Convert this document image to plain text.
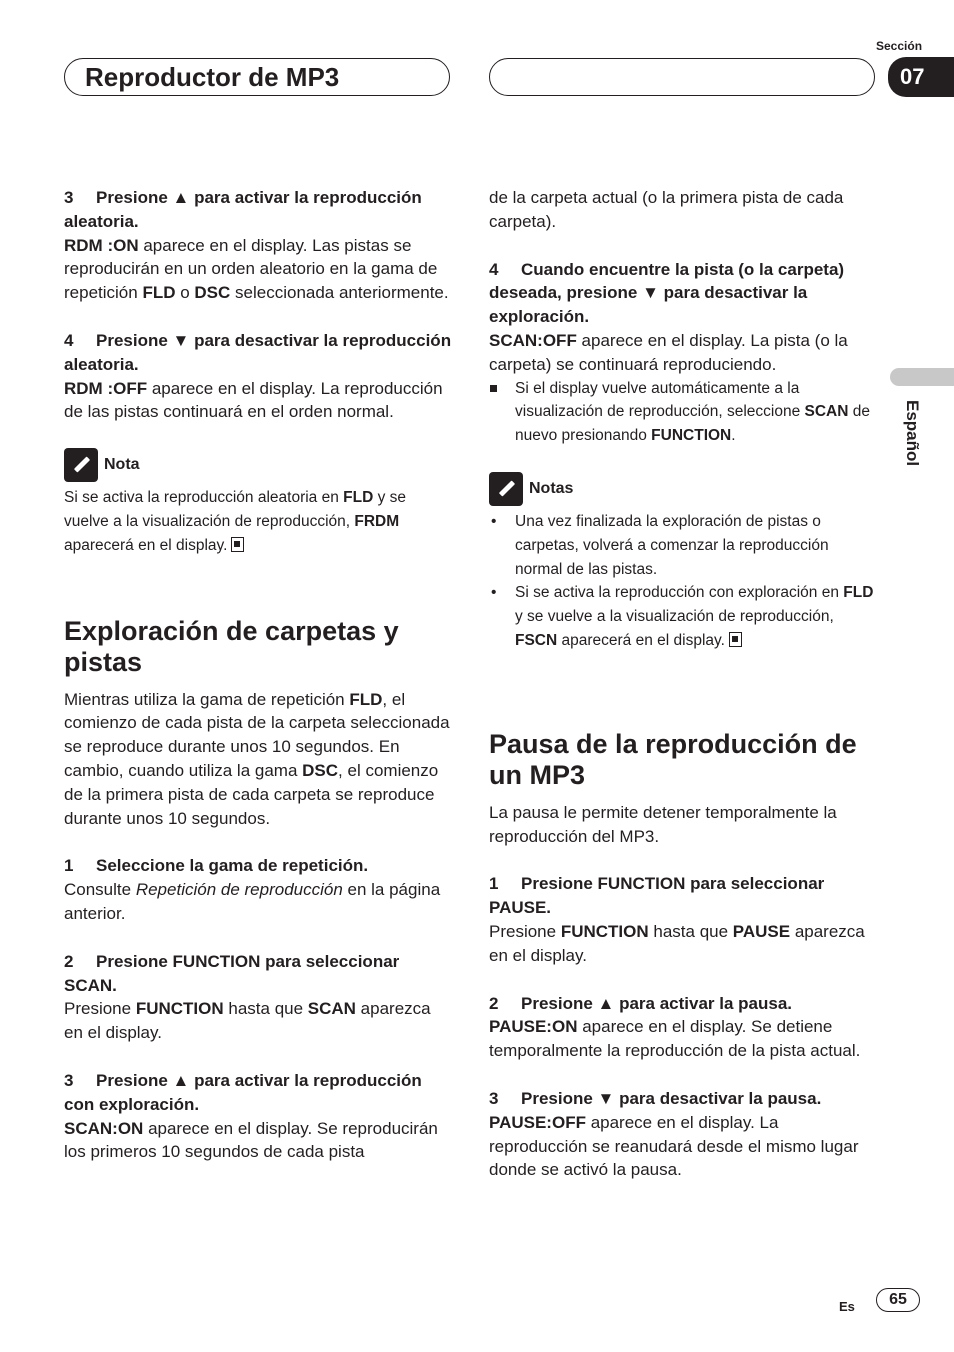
Reproductor de MP3
Sección
07
Español
3 Presione ▲ para activar la reproducción aleatoria.
RDM :ON aparece en el display. Las pistas se reproducirán en un orden aleatorio en la gama de repetición FLD o DSC seleccionada anteriormente.
4 Presione ▼ para desactivar la reproducción aleatoria.
RDM :OFF aparece en el display. La reproducción de las pistas continuará en el orden normal.
Nota
Si se activa la reproducción aleatoria en FLD y se vuelve a la visualización de reproducción, FRDM aparecerá en el display.
Exploración de carpetas y pistas
Mientras utiliza la gama de repetición FLD, el comienzo de cada pista de la carpeta seleccionada se reproduce durante unos 10 segundos. En cambio, cuando utiliza la gama DSC, el comienzo de la primera pista de cada carpeta se reproduce durante unos 10 segundos.
1 Seleccione la gama de repetición.
Consulte Repetición de reproducción en la página anterior.
2 Presione FUNCTION para seleccionar SCAN.
Presione FUNCTION hasta que SCAN aparezca en el display.
3 Presione ▲ para activar la reproducción con exploración.
SCAN:ON aparece en el display. Se reproducirán los primeros 10 segundos de cada pista
de la carpeta actual (o la primera pista de cada carpeta).
4 Cuando encuentre la pista (o la carpeta) deseada, presione ▼ para desactivar la exploración.
SCAN:OFF aparece en el display. La pista (o la carpeta) se continuará reproduciendo.
Si el display vuelve automáticamente a la visualización de reproducción, seleccione SCAN de nuevo presionando FUNCTION.
Notas
• Una vez finalizada la exploración de pistas o carpetas, volverá a comenzar la reproducción normal de las pistas.
• Si se activa la reproducción con exploración en FLD y se vuelve a la visualización de reproducción, FSCN aparecerá en el display.
Pausa de la reproducción de un MP3
La pausa le permite detener temporalmente la reproducción del MP3.
1 Presione FUNCTION para seleccionar PAUSE.
Presione FUNCTION hasta que PAUSE aparezca en el display.
2 Presione ▲ para activar la pausa.
PAUSE:ON aparece en el display. Se detiene temporalmente la reproducción de la pista actual.
3 Presione ▼ para desactivar la pausa.
PAUSE:OFF aparece en el display. La reproducción se reanudará desde el mismo lugar donde se activó la pausa.
Es	65
